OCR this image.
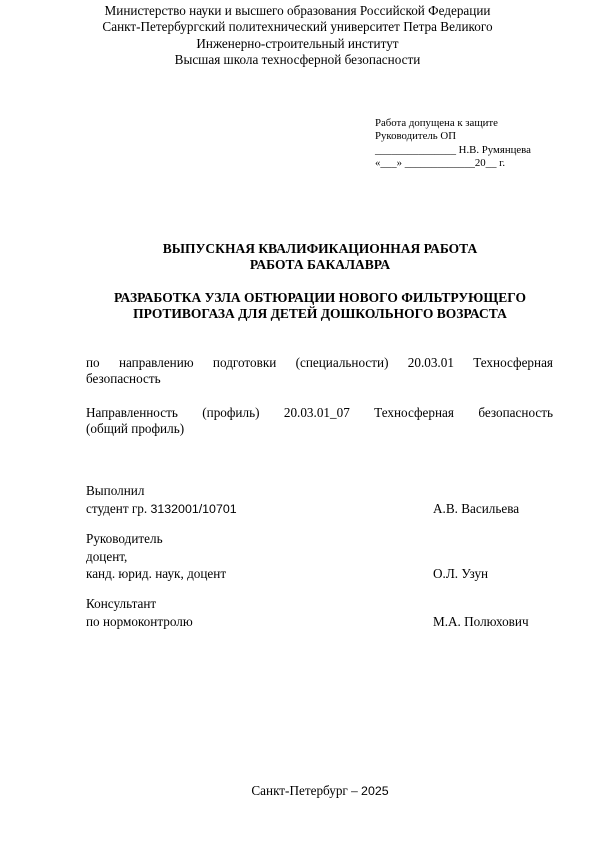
Министерство науки и высшего образования Российской Федерации
Санкт-Петербургский политехнический университет Петра Великого
Инженерно-строительный институт
Высшая школа техносферной безопасности
Работа допущена к защите
Руководитель ОП
_______________ Н.В. Румянцева
«___» _____________20__ г.
ВЫПУСКНАЯ КВАЛИФИКАЦИОННАЯ РАБОТА
РАБОТА БАКАЛАВРА
РАЗРАБОТКА УЗЛА ОБТЮРАЦИИ НОВОГО ФИЛЬТРУЮЩЕГО
ПРОТИВОГАЗА ДЛЯ ДЕТЕЙ ДОШКОЛЬНОГО ВОЗРАСТА
по направлению подготовки (специальности) 20.03.01 Техносферная
безопасность
Направленность (профиль) 20.03.01_07 Техносферная безопасность
(общий профиль)
Выполнил
студент гр. 3132001/10701	А.В. Васильева
Руководитель
доцент,
канд. юрид. наук, доцент	О.Л. Узун
Консультант
по нормоконтролю	М.А. Полюхович
Санкт-Петербург – 2025
